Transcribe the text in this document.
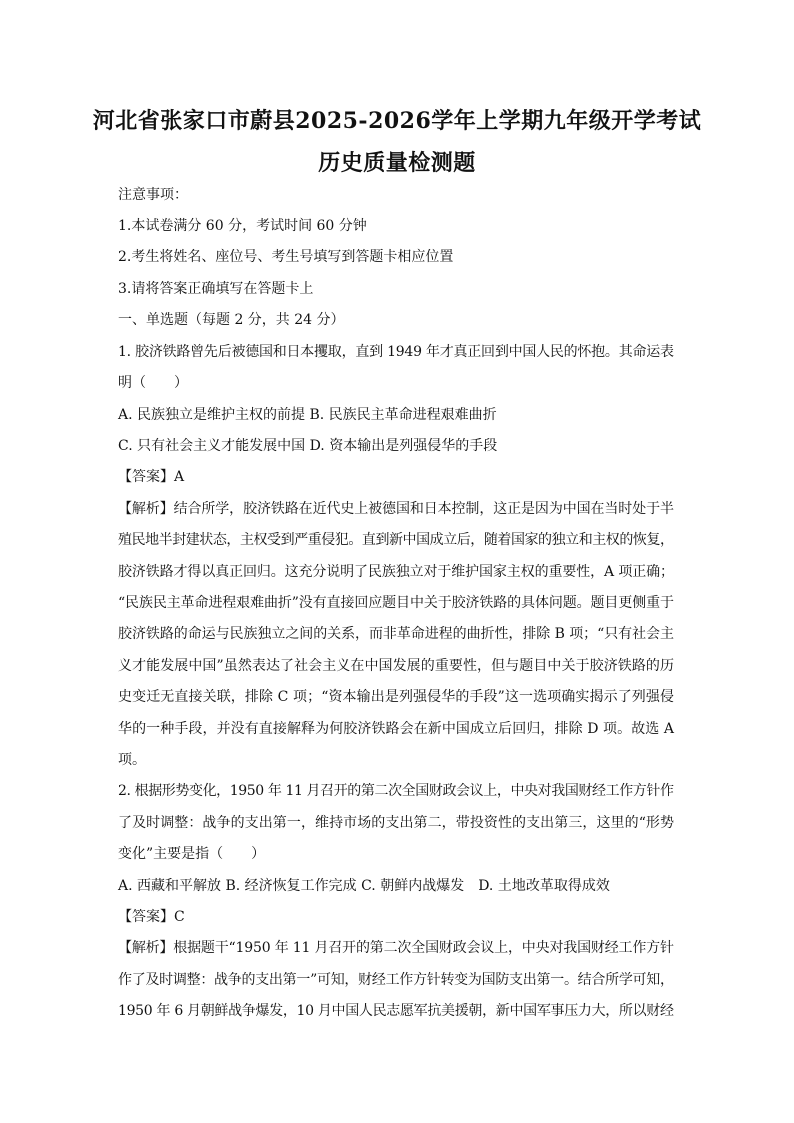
河北省张家口市蔚县2025-2026学年上学期九年级开学考试
历史质量检测题
注意事项：
1.本试卷满分 60 分，考试时间 60 分钟
2.考生将姓名、座位号、考生号填写到答题卡相应位置
3.请将答案正确填写在答题卡上
一、单选题（每题 2 分，共 24 分）
1. 胶济铁路曾先后被德国和日本攫取，直到 1949 年才真正回到中国人民的怀抱。其命运表
明（　　）
A. 民族独立是维护主权的前提 B. 民族民主革命进程艰难曲折
C. 只有社会主义才能发展中国 D. 资本输出是列强侵华的手段
【答案】A
【解析】结合所学，胶济铁路在近代史上被德国和日本控制，这正是因为中国在当时处于半
殖民地半封建状态，主权受到严重侵犯。直到新中国成立后，随着国家的独立和主权的恢复，
胶济铁路才得以真正回归。这充分说明了民族独立对于维护国家主权的重要性，A 项正确；
“民族民主革命进程艰难曲折”没有直接回应题目中关于胶济铁路的具体问题。题目更侧重于
胶济铁路的命运与民族独立之间的关系，而非革命进程的曲折性，排除 B 项；“只有社会主
义才能发展中国”虽然表达了社会主义在中国发展的重要性，但与题目中关于胶济铁路的历
史变迁无直接关联，排除 C 项；“资本输出是列强侵华的手段”这一选项确实揭示了列强侵
华的一种手段，并没有直接解释为何胶济铁路会在新中国成立后回归，排除 D 项。故选 A
项。
2. 根据形势变化，1950 年 11 月召开的第二次全国财政会议上，中央对我国财经工作方针作
了及时调整：战争的支出第一，维持市场的支出第二，带投资性的支出第三，这里的“形势
变化”主要是指（　　）
A. 西藏和平解放 B. 经济恢复工作完成 C. 朝鲜内战爆发　D. 土地改革取得成效
【答案】C
【解析】根据题干“1950 年 11 月召开的第二次全国财政会议上，中央对我国财经工作方针
作了及时调整：战争的支出第一”可知，财经工作方针转变为国防支出第一。结合所学可知，
1950 年 6 月朝鲜战争爆发，10 月中国人民志愿军抗美援朝，新中国军事压力大，所以财经
